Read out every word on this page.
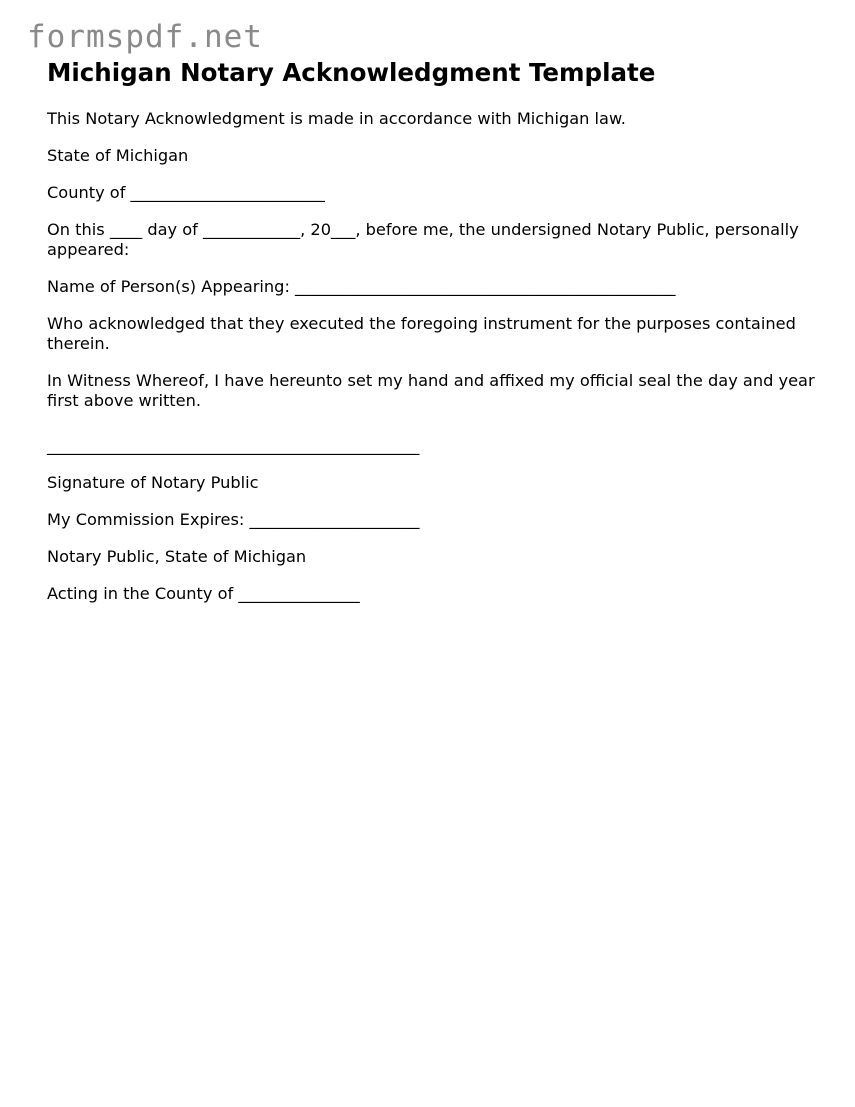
formspdf.net
Michigan Notary Acknowledgment Template

This Notary Acknowledgment is made in accordance with Michigan law.

State of Michigan

County of ________________________

On this ____ day of ____________, 20___, before me, the undersigned Notary Public, personally appeared:

Name of Person(s) Appearing: _______________________________________________

Who acknowledged that they executed the foregoing instrument for the purposes contained therein.

In Witness Whereof, I have hereunto set my hand and affixed my official seal the day and year first above written.

______________________________________________

Signature of Notary Public

My Commission Expires: _____________________

Notary Public, State of Michigan

Acting in the County of _______________
